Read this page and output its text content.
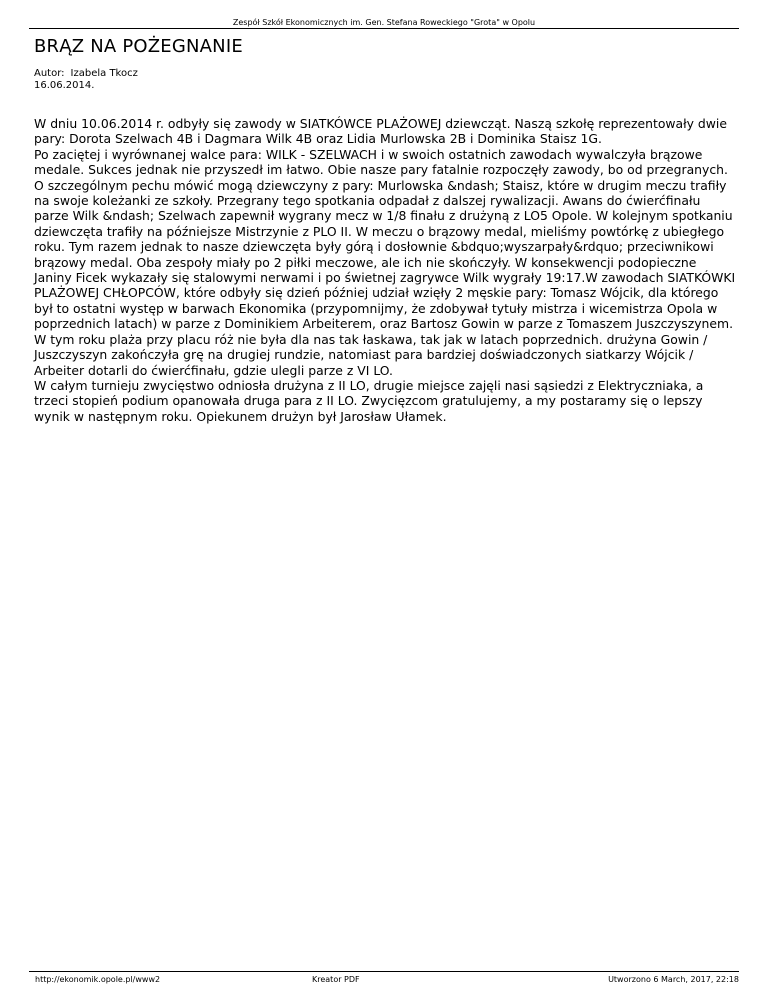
Zespół Szkół Ekonomicznych im. Gen. Stefana Roweckiego "Grota" w Opolu
BRĄZ NA POŻEGNANIE
Autor: Izabela Tkocz
16.06.2014.

W dniu 10.06.2014 r. odbyły się zawody w SIATKÓWCE PLAŻOWEJ dziewcząt. Naszą szkołę reprezentowały dwie pary: Dorota Szelwach 4B i Dagmara Wilk 4B oraz Lidia Murlowska 2B i Dominika Staisz 1G.

Po zaciętej i wyrównanej walce para: WILK - SZELWACH i w swoich ostatnich zawodach wywalczyła brązowe medale. Sukces jednak nie przyszedł im łatwo. Obie nasze pary fatalnie rozpoczęły zawody, bo od przegranych. O szczególnym pechu mówić mogą dziewczyny z pary: Murlowska &ndash; Staisz, które w drugim meczu trafiły na swoje koleżanki ze szkoły. Przegrany tego spotkania odpadał z dalszej rywalizacji. Awans do ćwierćfinału parze Wilk &ndash; Szelwach zapewnił wygrany mecz w 1/8 finału z drużyną z LO5 Opole. W kolejnym spotkaniu dziewczęta trafiły na późniejsze Mistrzynie z PLO II. W meczu o brązowy medal, mieliśmy powtórkę z ubiegłego roku. Tym razem jednak to nasze dziewczęta były górą i dosłownie &bdquo;wyszarpały&rdquo; przeciwnikowi brązowy medal. Oba zespoły miały po 2 piłki meczowe, ale ich nie skończyły. W konsekwencji podopieczne Janiny Ficek wykazały się stalowymi nerwami i po świetnej zagrywce Wilk wygrały 19:17.W zawodach SIATKÓWKI PLAŻOWEJ CHŁOPCÓW, które odbyły się dzień później udział wzięły 2 męskie pary: Tomasz Wójcik, dla którego był to ostatni występ w barwach Ekonomika (przypomnijmy, że zdobywał tytuły mistrza i wicemistrza Opola w poprzednich latach) w parze z Dominikiem Arbeiterem, oraz Bartosz Gowin w parze z Tomaszem Juszczyszynem. W tym roku plaża przy placu róż nie była dla nas tak łaskawa, tak jak w latach poprzednich. drużyna Gowin / Juszczyszyn zakończyła grę na drugiej rundzie, natomiast para bardziej doświadczonych siatkarzy Wójcik / Arbeiter dotarli do ćwierćfinału, gdzie ulegli parze z VI LO.

W całym turnieju zwycięstwo odniosła drużyna z II LO, drugie miejsce zajęli nasi sąsiedzi z Elektryczniaka, a trzeci stopień podium opanowała druga para z II LO. Zwycięzcom gratulujemy, a my postaramy się o lepszy wynik w następnym roku. Opiekunem drużyn był Jarosław Ułamek.

http://ekonomik.opole.pl/www2	Kreator PDF	Utworzono 6 March, 2017, 22:18
